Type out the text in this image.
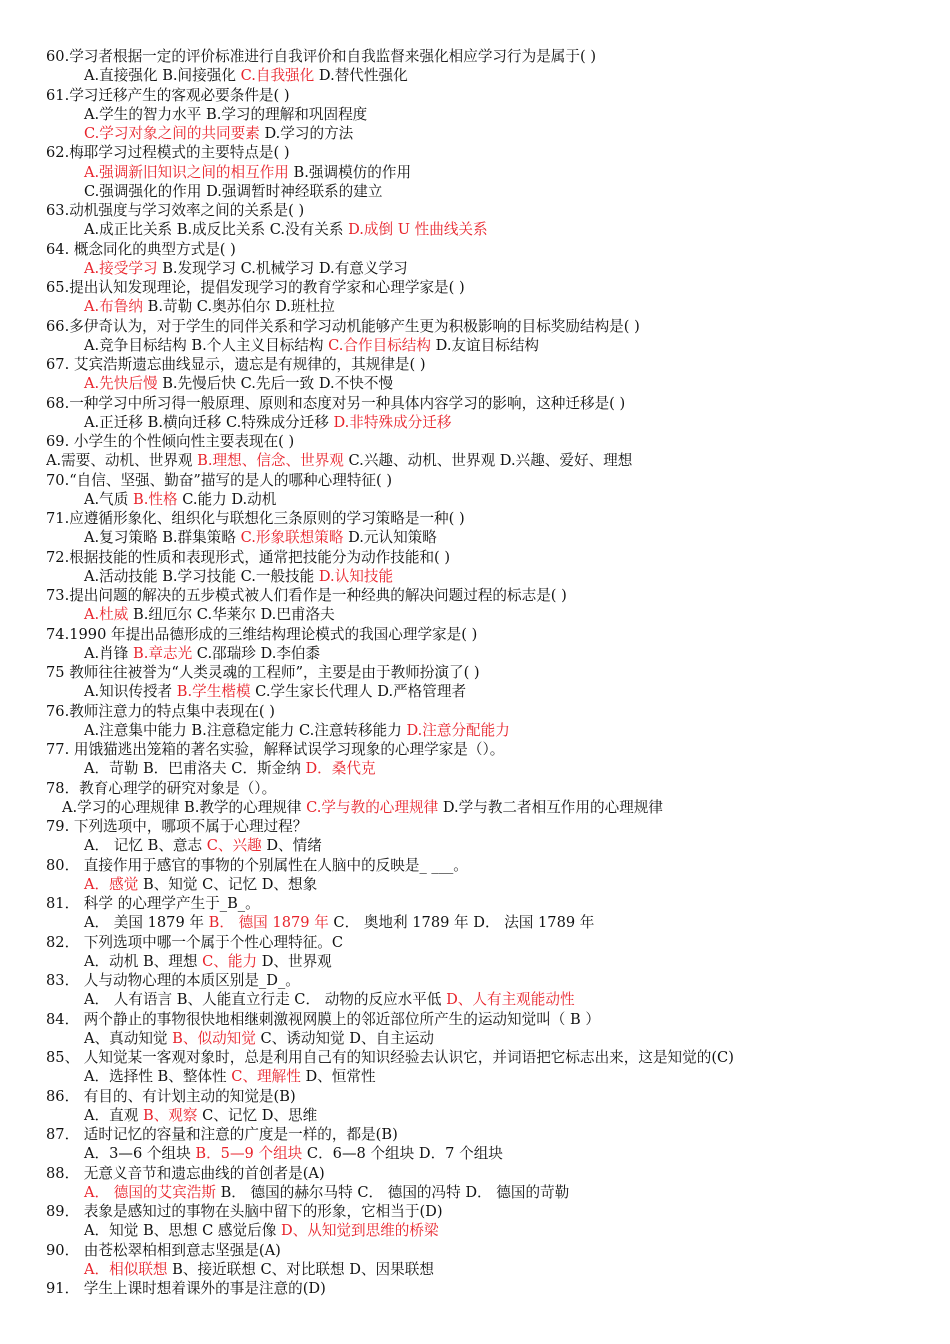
60.学习者根据一定的评价标准进行自我评价和自我监督来强化相应学习行为是属于( )
A.直接强化 B.间接强化 C.自我强化 D.替代性强化
61.学习迁移产生的客观必要条件是( )
A.学生的智力水平 B.学习的理解和巩固程度
C.学习对象之间的共同要素 D.学习的方法
62.梅耶学习过程模式的主要特点是( )
A.强调新旧知识之间的相互作用 B.强调模仿的作用
C.强调强化的作用 D.强调暂时神经联系的建立
63.动机强度与学习效率之间的关系是( )
A.成正比关系 B.成反比关系 C.没有关系 D.成倒 U 性曲线关系
64. 概念同化的典型方式是( )
A.接受学习 B.发现学习 C.机械学习 D.有意义学习
65.提出认知发现理论，提倡发现学习的教育学家和心理学家是( )
A.布鲁纳 B.苛勒 C.奥苏伯尔 D.班杜拉
66.多伊奇认为，对于学生的同伴关系和学习动机能够产生更为积极影响的目标奖励结构是( )
A.竞争目标结构 B.个人主义目标结构 C.合作目标结构 D.友谊目标结构
67. 艾宾浩斯遗忘曲线显示，遗忘是有规律的，其规律是( )
A.先快后慢 B.先慢后快 C.先后一致 D.不快不慢
68.一种学习中所习得一般原理、原则和态度对另一种具体内容学习的影响，这种迁移是( )
A.正迁移 B.横向迁移 C.特殊成分迁移 D.非特殊成分迁移
69. 小学生的个性倾向性主要表现在( )
A.需要、动机、世界观 B.理想、信念、世界观 C.兴趣、动机、世界观 D.兴趣、爱好、理想
70.“自信、坚强、勤奋”描写的是人的哪种心理特征( )
A.气质 B.性格 C.能力 D.动机
71.应遵循形象化、组织化与联想化三条原则的学习策略是一种( )
A.复习策略 B.群集策略 C.形象联想策略 D.元认知策略
72.根据技能的性质和表现形式，通常把技能分为动作技能和( )
A.活动技能 B.学习技能 C.一般技能 D.认知技能
73.提出问题的解决的五步模式被人们看作是一种经典的解决问题过程的标志是( )
A.杜威 B.纽厄尔 C.华莱尔 D.巴甫洛夫
74.1990 年提出品德形成的三维结构理论模式的我国心理学家是( )
A.肖锋 B.章志光 C.邵瑞珍 D.李伯黍
75 教师往往被誉为“人类灵魂的工程师”，主要是由于教师扮演了( )
A.知识传授者 B.学生楷模 C.学生家长代理人 D.严格管理者
76.教师注意力的特点集中表现在( )
A.注意集中能力 B.注意稳定能力 C.注意转移能力 D.注意分配能力
77. 用饿猫逃出笼箱的著名实验，解释试误学习现象的心理学家是（）。
A．苛勒 B．巴甫洛夫 C．斯金纳 D．桑代克
78．教育心理学的研究对象是（）。
A.学习的心理规律 B.教学的心理规律 C.学与教的心理规律 D.学与教二者相互作用的心理规律
79. 下列选项中，哪项不属于心理过程？
A． 记忆 B、意志 C、兴趣 D、情绪
80． 直接作用于感官的事物的个别属性在人脑中的反映是_ ___。
A．感觉 B、知觉 C、记忆 D、想象
81． 科学 的心理学产生于_B_。
A． 美国 1879 年 B． 德国 1879 年 C． 奥地利 1789 年 D． 法国 1789 年
82． 下列选项中哪一个属于个性心理特征。C
A．动机 B、理想 C、能力 D、世界观
83． 人与动物心理的本质区别是_D_。
A． 人有语言 B、人能直立行走 C． 动物的反应水平低 D、人有主观能动性
84． 两个静止的事物很快地相继刺激视网膜上的邻近部位所产生的运动知觉叫（ B ）
A、真动知觉 B、似动知觉 C、诱动知觉 D、自主运动
85、 人知觉某一客观对象时，总是利用自己有的知识经验去认识它，并词语把它标志出来，这是知觉的(C)
A．选择性 B、整体性 C、理解性 D、恒常性
86． 有目的、有计划主动的知觉是(B)
A．直观 B、观察 C、记忆 D、思维
87． 适时记忆的容量和注意的广度是一样的，都是(B)
A．3—6 个组块 B．5—9 个组块 C．6—8 个组块 D．7 个组块
88． 无意义音节和遗忘曲线的首创者是(A)
A． 德国的艾宾浩斯 B． 德国的赫尔马特 C． 德国的冯特 D． 德国的苛勒
89． 表象是感知过的事物在头脑中留下的形象，它相当于(D)
A．知觉 B、思想 C 感觉后像 D、从知觉到思维的桥梁
90． 由苍松翠柏相到意志坚强是(A)
A．相似联想 B、接近联想 C、对比联想 D、因果联想
91． 学生上课时想着课外的事是注意的(D)
